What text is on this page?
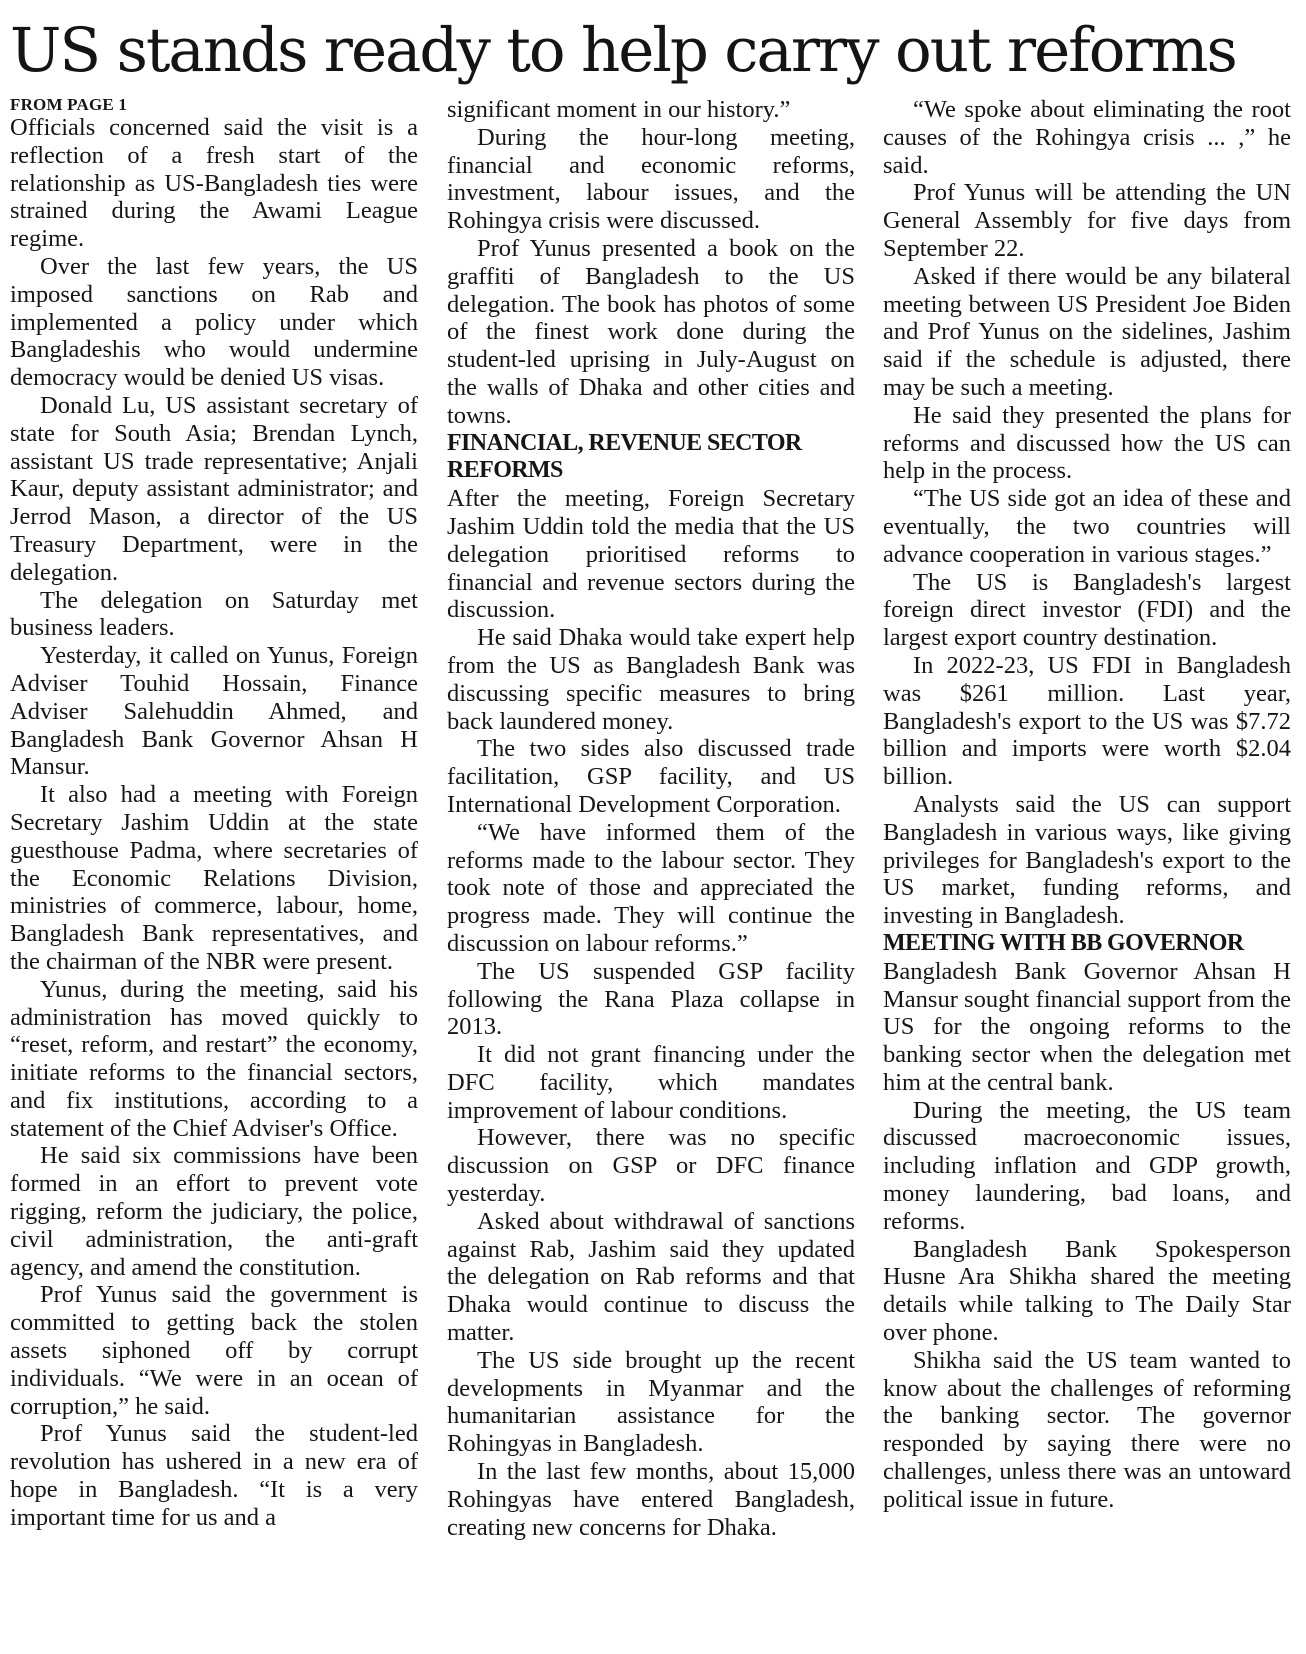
US stands ready to help carry out reforms

FROM PAGE 1

Officials concerned said the visit is a reflection of a fresh start of the relationship as US-Bangladesh ties were strained during the Awami League regime.

Over the last few years, the US imposed sanctions on Rab and implemented a policy under which Bangladeshis who would undermine democracy would be denied US visas.

Donald Lu, US assistant secretary of state for South Asia; Brendan Lynch, assistant US trade representative; Anjali Kaur, deputy assistant administrator; and Jerrod Mason, a director of the US Treasury Department, were in the delegation.

The delegation on Saturday met business leaders.

Yesterday, it called on Yunus, Foreign Adviser Touhid Hossain, Finance Adviser Salehuddin Ahmed, and Bangladesh Bank Governor Ahsan H Mansur.

It also had a meeting with Foreign Secretary Jashim Uddin at the state guesthouse Padma, where secretaries of the Economic Relations Division, ministries of commerce, labour, home, Bangladesh Bank representatives, and the chairman of the NBR were present.

Yunus, during the meeting, said his administration has moved quickly to “reset, reform, and restart” the economy, initiate reforms to the financial sectors, and fix institutions, according to a statement of the Chief Adviser's Office.

He said six commissions have been formed in an effort to prevent vote rigging, reform the judiciary, the police, civil administration, the anti-graft agency, and amend the constitution.

Prof Yunus said the government is committed to getting back the stolen assets siphoned off by corrupt individuals. “We were in an ocean of corruption,” he said.

Prof Yunus said the student-led revolution has ushered in a new era of hope in Bangladesh. “It is a very important time for us and a

significant moment in our history.”

During the hour-long meeting, financial and economic reforms, investment, labour issues, and the Rohingya crisis were discussed.

Prof Yunus presented a book on the graffiti of Bangladesh to the US delegation. The book has photos of some of the finest work done during the student-led uprising in July-August on the walls of Dhaka and other cities and towns.

FINANCIAL, REVENUE SECTOR REFORMS

After the meeting, Foreign Secretary Jashim Uddin told the media that the US delegation prioritised reforms to financial and revenue sectors during the discussion.

He said Dhaka would take expert help from the US as Bangladesh Bank was discussing specific measures to bring back laundered money.

The two sides also discussed trade facilitation, GSP facility, and US International Development Corporation.

“We have informed them of the reforms made to the labour sector. They took note of those and appreciated the progress made. They will continue the discussion on labour reforms.”

The US suspended GSP facility following the Rana Plaza collapse in 2013.

It did not grant financing under the DFC facility, which mandates improvement of labour conditions.

However, there was no specific discussion on GSP or DFC finance yesterday.

Asked about withdrawal of sanctions against Rab, Jashim said they updated the delegation on Rab reforms and that Dhaka would continue to discuss the matter.

The US side brought up the recent developments in Myanmar and the humanitarian assistance for the Rohingyas in Bangladesh.

In the last few months, about 15,000 Rohingyas have entered Bangladesh, creating new concerns for Dhaka.

“We spoke about eliminating the root causes of the Rohingya crisis ... ,” he said.

Prof Yunus will be attending the UN General Assembly for five days from September 22.

Asked if there would be any bilateral meeting between US President Joe Biden and Prof Yunus on the sidelines, Jashim said if the schedule is adjusted, there may be such a meeting.

He said they presented the plans for reforms and discussed how the US can help in the process.

“The US side got an idea of these and eventually, the two countries will advance cooperation in various stages.”

The US is Bangladesh's largest foreign direct investor (FDI) and the largest export country destination.

In 2022-23, US FDI in Bangladesh was $261 million. Last year, Bangladesh's export to the US was $7.72 billion and imports were worth $2.04 billion.

Analysts said the US can support Bangladesh in various ways, like giving privileges for Bangladesh's export to the US market, funding reforms, and investing in Bangladesh.

MEETING WITH BB GOVERNOR

Bangladesh Bank Governor Ahsan H Mansur sought financial support from the US for the ongoing reforms to the banking sector when the delegation met him at the central bank.

During the meeting, the US team discussed macroeconomic issues, including inflation and GDP growth, money laundering, bad loans, and reforms.

Bangladesh Bank Spokesperson Husne Ara Shikha shared the meeting details while talking to The Daily Star over phone.

Shikha said the US team wanted to know about the challenges of reforming the banking sector. The governor responded by saying there were no challenges, unless there was an untoward political issue in future.
